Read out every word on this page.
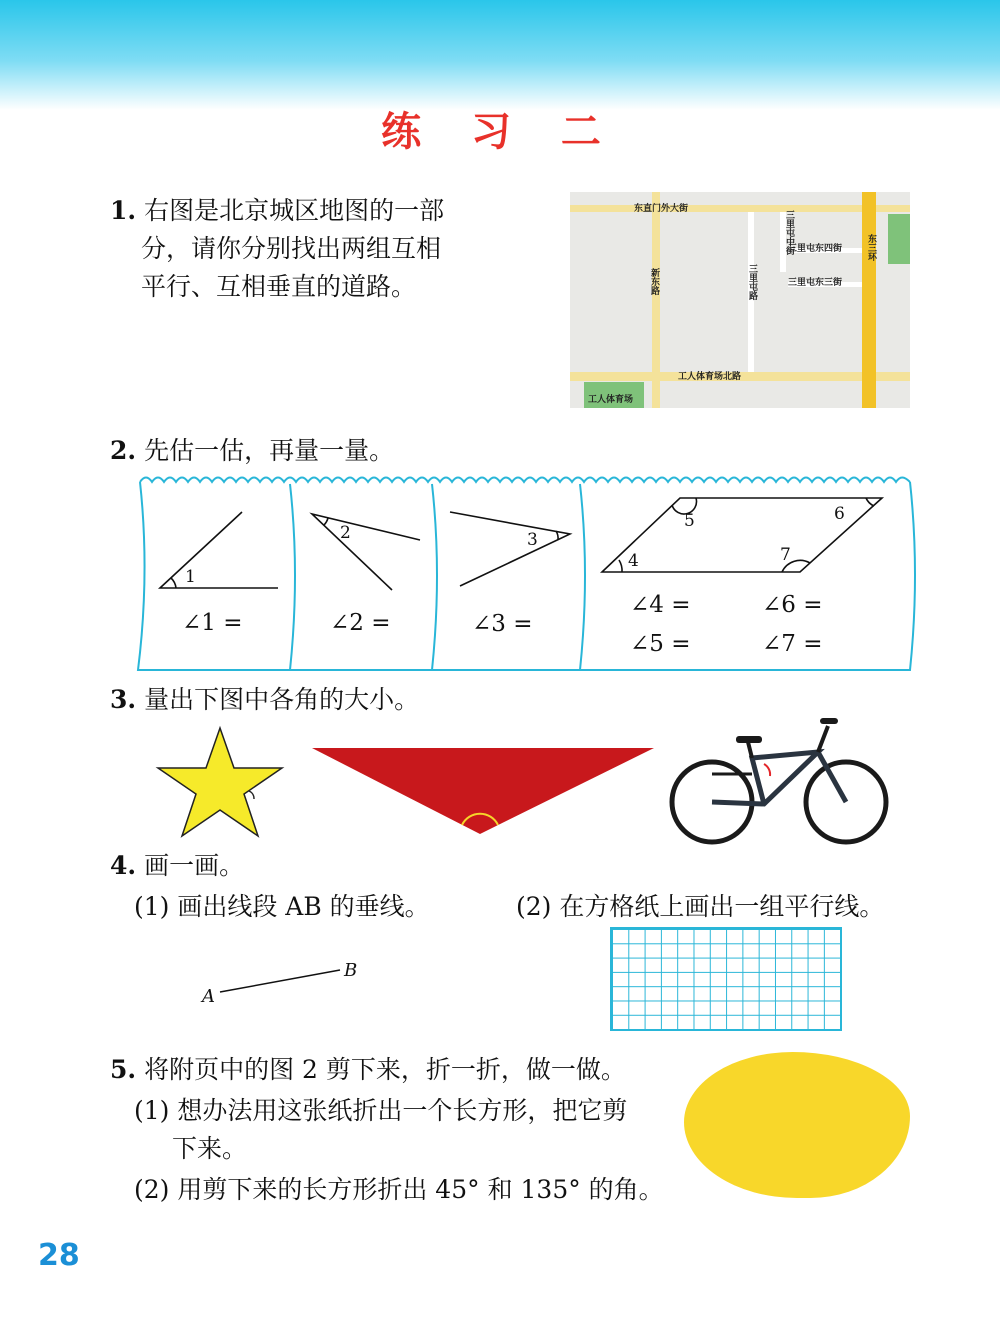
练 习 二
1. 右图是北京城区地图的一部
分，请你分别找出两组互相
平行、互相垂直的道路。
东直门外大街
新东路
三里屯中街
三里屯路
三里屯东四街
三里屯东三街
东三环
工人体育场北路
工人体育场
2. 先估一估，再量一量。
1
2	3
4
5	6
7
∠1 =	∠2 =	∠3 =
∠4 =	∠6 =
∠5 =	∠7 =
3. 量出下图中各角的大小。
4. 画一画。
(1) 画出线段 AB 的垂线。	(2) 在方格纸上画出一组平行线。
A
B
5. 将附页中的图 2 剪下来，折一折，做一做。
(1) 想办法用这张纸折出一个长方形，把它剪
下来。
(2) 用剪下来的长方形折出 45° 和 135° 的角。
28
